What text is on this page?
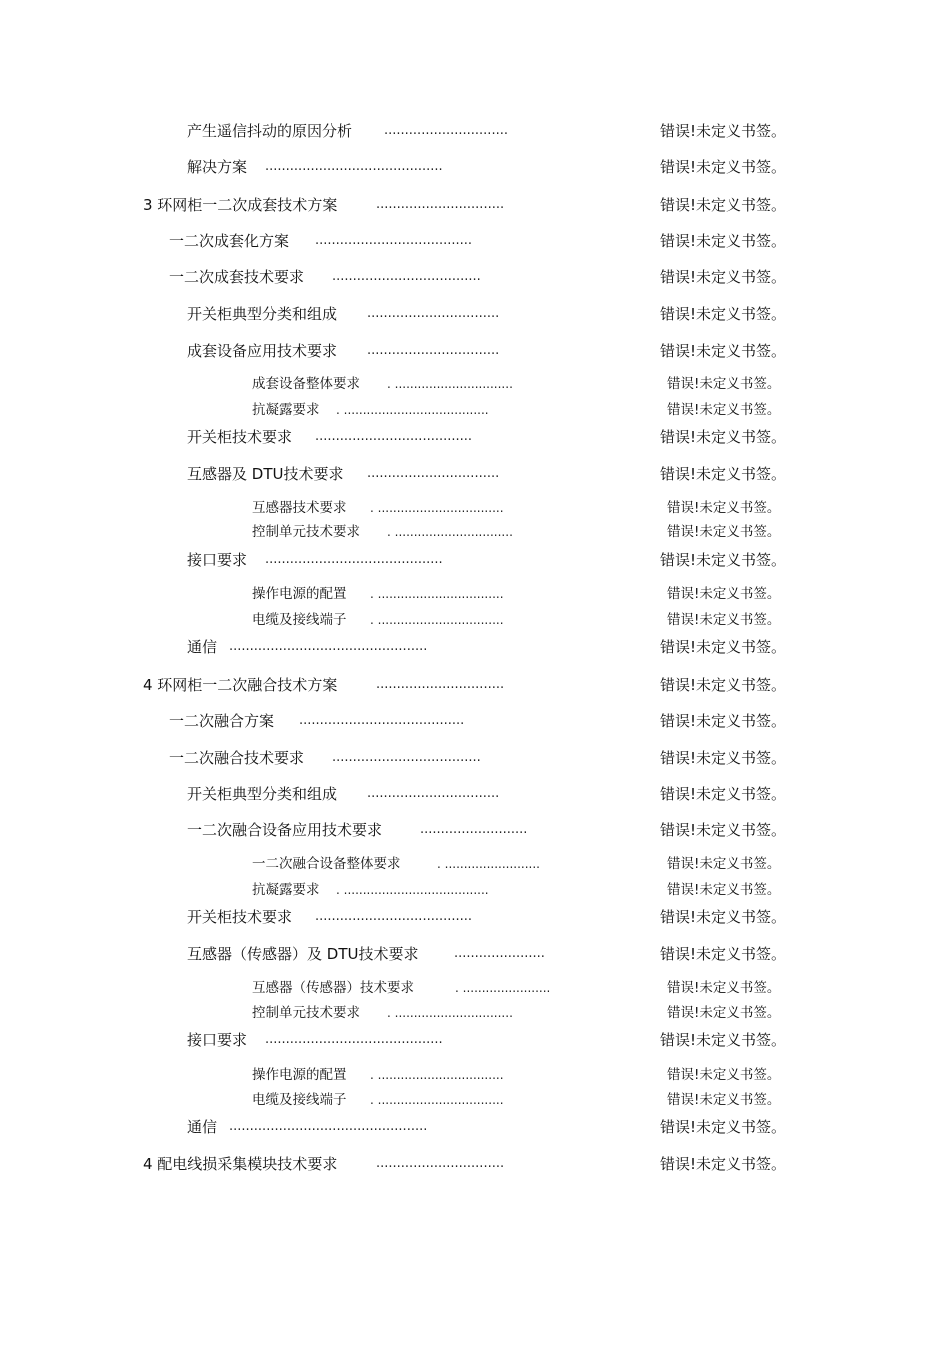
产生遥信抖动的原因分析 ..............................	错误!未定义书签。
解决方案 ...........................................	错误!未定义书签。
3 环网柜一二次成套技术方案	...............................	错误!未定义书签。
一二次成套化方案 ......................................	错误!未定义书签。
一二次成套技术要求 ....................................	错误!未定义书签。
开关柜典型分类和组成 ................................	错误!未定义书签。
成套设备应用技术要求 ................................	错误!未定义书签。
成套设备整体要求 . ...............................	错误!未定义书签。
抗凝露要求 . ......................................	错误!未定义书签。
开关柜技术要求 ......................................	错误!未定义书签。
互感器及 DTU技术要求 ................................	错误!未定义书签。
互感器技术要求 . .................................	错误!未定义书签。
控制单元技术要求 . ...............................	错误!未定义书签。
接口要求 ...........................................	错误!未定义书签。
操作电源的配置 . .................................	错误!未定义书签。
电缆及接线端子 . .................................	错误!未定义书签。
通信 ................................................	错误!未定义书签。
4 环网柜一二次融合技术方案	...............................	错误!未定义书签。
一二次融合方案 ........................................	错误!未定义书签。
一二次融合技术要求 ....................................	错误!未定义书签。
开关柜典型分类和组成 ................................	错误!未定义书签。
一二次融合设备应用技术要求	..........................	错误!未定义书签。
一二次融合设备整体要求	. .........................	错误!未定义书签。
抗凝露要求 . ......................................	错误!未定义书签。
开关柜技术要求 ......................................	错误!未定义书签。
互感器（传感器）及 DTU技术要求	......................	错误!未定义书签。
互感器（传感器）技术要求	. .......................	错误!未定义书签。
控制单元技术要求 . ...............................	错误!未定义书签。
接口要求 ...........................................	错误!未定义书签。
操作电源的配置 . .................................	错误!未定义书签。
电缆及接线端子 . .................................	错误!未定义书签。
通信 ................................................	错误!未定义书签。
4 配电线损采集模块技术要求	...............................	错误!未定义书签。
